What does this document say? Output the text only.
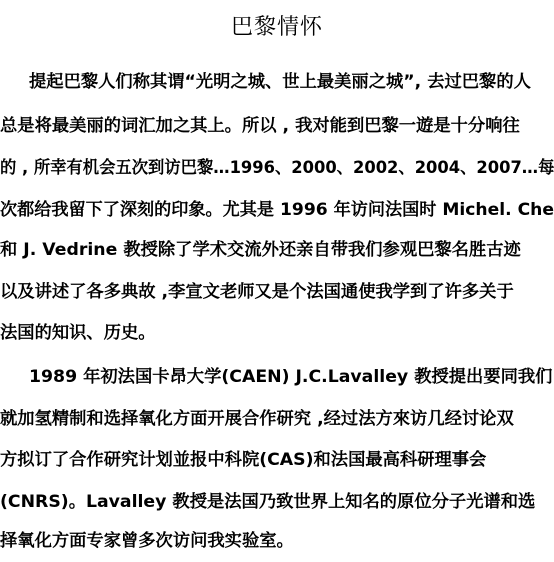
巴黎情怀
提起巴黎人们称其谓“光明之城、世上最美丽之城”, 去过巴黎的人
总是将最美丽的词汇加之其上。所以 , 我对能到巴黎一遊是十分响往
的 , 所幸有机会五次到访巴黎…1996、2000、2002、2004、2007…每
次都给我留下了深刻的印象。尤其是 1996 年访问法国时 Michel. Che
和 J. Vedrine 教授除了学术交流外还亲自带我们参观巴黎名胜古迹
以及讲述了各多典故 ,李宣文老师又是个法国通使我学到了许多关于
法国的知识、历史。
1989 年初法国卡昂大学(CAEN) J.C.Lavalley 教授提出要同我们
就加氢精制和选择氧化方面开展合作研究 ,经过法方來访几经讨论双
方拟订了合作研究计划並报中科院(CAS)和法国最高科研理事会
(CNRS)。Lavalley 教授是法国乃致世界上知名的原位分子光谱和选
择氧化方面专家曾多次访问我实验室。
